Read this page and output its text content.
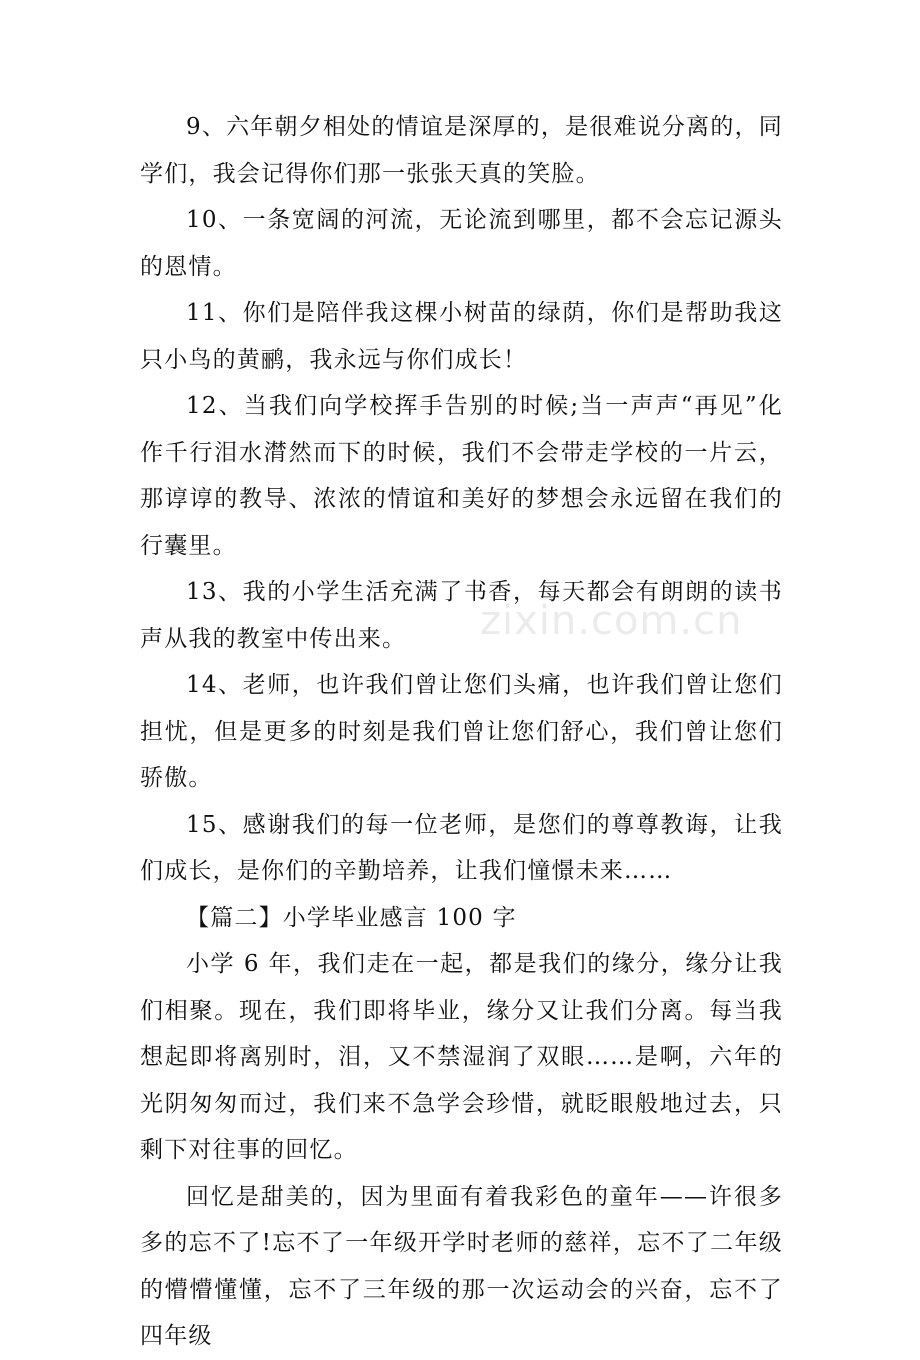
9、六年朝夕相处的情谊是深厚的，是很难说分离的，同学们，我会记得你们那一张张天真的笑脸。

10、一条宽阔的河流，无论流到哪里，都不会忘记源头的恩情。

11、你们是陪伴我这棵小树苗的绿荫，你们是帮助我这只小鸟的黄鹂，我永远与你们成长！

12、当我们向学校挥手告别的时候;当一声声“再见”化作千行泪水潸然而下的时候，我们不会带走学校的一片云，那谆谆的教导、浓浓的情谊和美好的梦想会永远留在我们的行囊里。

13、我的小学生活充满了书香，每天都会有朗朗的读书声从我的教室中传出来。

14、老师，也许我们曾让您们头痛，也许我们曾让您们担忧，但是更多的时刻是我们曾让您们舒心，我们曾让您们骄傲。

15、感谢我们的每一位老师，是您们的尊尊教诲，让我们成长，是你们的辛勤培养，让我们憧憬未来……

【篇二】小学毕业感言 100 字

小学 6 年，我们走在一起，都是我们的缘分，缘分让我们相聚。现在，我们即将毕业，缘分又让我们分离。每当我想起即将离别时，泪，又不禁湿润了双眼……是啊，六年的光阴匆匆而过，我们来不急学会珍惜，就眨眼般地过去，只剩下对往事的回忆。

回忆是甜美的，因为里面有着我彩色的童年——许很多多的忘不了!忘不了一年级开学时老师的慈祥，忘不了二年级的懵懵懂懂，忘不了三年级的那一次运动会的兴奋，忘不了四年级

zixin.com.cn
